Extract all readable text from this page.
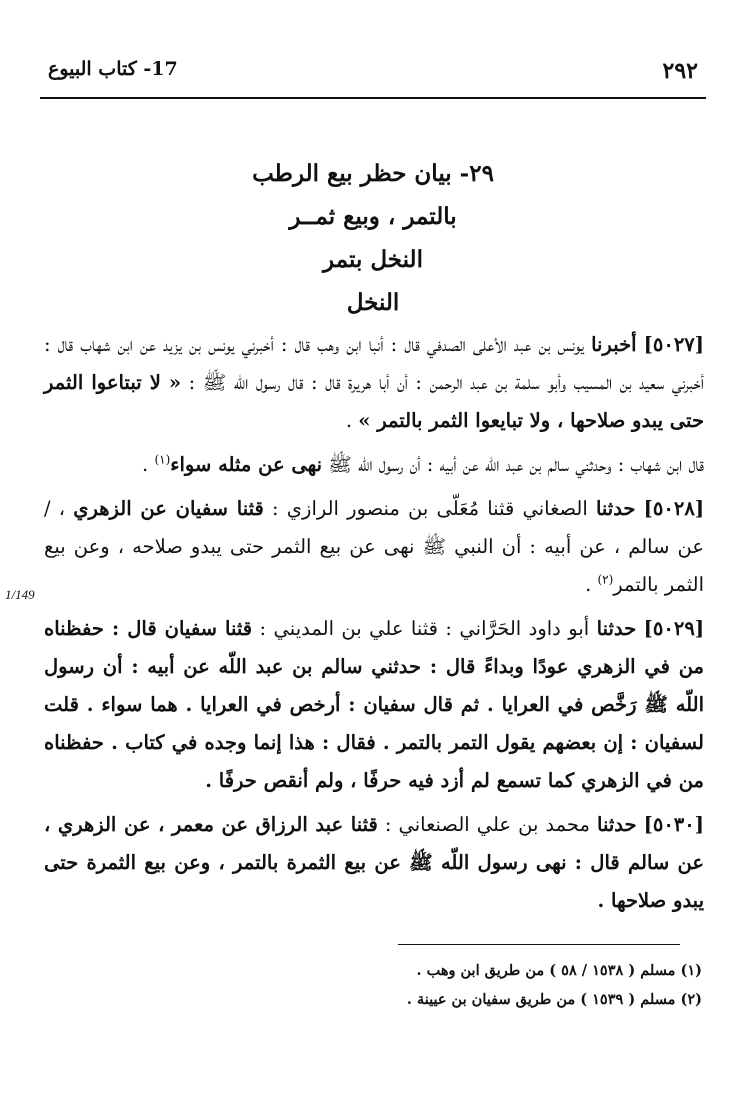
٢٩٢
17- كتاب البيوع
٢٩- بيان حظر بيع الرطب
بالتمر ، وبيع ثمــر
النخل بتمر
النخل

[٥٠٢٧] أخبرنا يونس بن عبد الأعلى الصدفي قال : أنبا ابن وهب قال : أخبرني يونس بن يزيد عن ابن شهاب قال : أخبرني سعيد بن المسيب وأبو سلمة بن عبد الرحمن : أن أبا هريرة قال : قال رسول اللّه ﷺ : « لا تبتاعوا الثمر حتى يبدو صلاحها ، ولا تبايعوا الثمر بالتمر » .

قال ابن شهاب : وحدثني سالم بن عبد اللّه عن أبيه : أن رسول اللّه ﷺ نهى عن مثله سواء$^{(١)}$ .

[٥٠٢٨] حدثنا الصغاني قثنا مُعَلّى بن منصور الرازي : قثنا سفيان عن الزهري ، / عن سالم ، عن أبيه : أن النبي ﷺ نهى عن بيع الثمر حتى يبدو صلاحه ، وعن بيع الثمر بالتمر$^{(٢)}$ .

[٥٠٢٩] حدثنا أبو داود الحَرَّاني : قثنا علي بن المديني : قثنا سفيان قال : حفظناه من في الزهري عودًا وبداءً قال : حدثني سالم بن عبد اللّه عن أبيه : أن رسول اللّه ﷺ رَخَّص في العرايا . ثم قال سفيان : أرخص في العرايا . هما سواء . قلت لسفيان : إن بعضهم يقول التمر بالتمر . فقال : هذا إنما وجده في كتاب . حفظناه من في الزهري كما تسمع لم أزد فيه حرفًا ، ولم أنقص حرفًا .

[٥٠٣٠] حدثنا محمد بن علي الصنعاني : قثنا عبد الرزاق عن معمر ، عن الزهري ، عن سالم قال : نهى رسول اللّه ﷺ عن بيع الثمرة بالتمر ، وعن بيع الثمرة حتى يبدو صلاحها .

1/149
(١) مسلم ( ١٥٣٨ / ٥٨ ) من طريق ابن وهب .
(٢) مسلم ( ١٥٣٩ ) من طريق سفيان بن عيينة .
